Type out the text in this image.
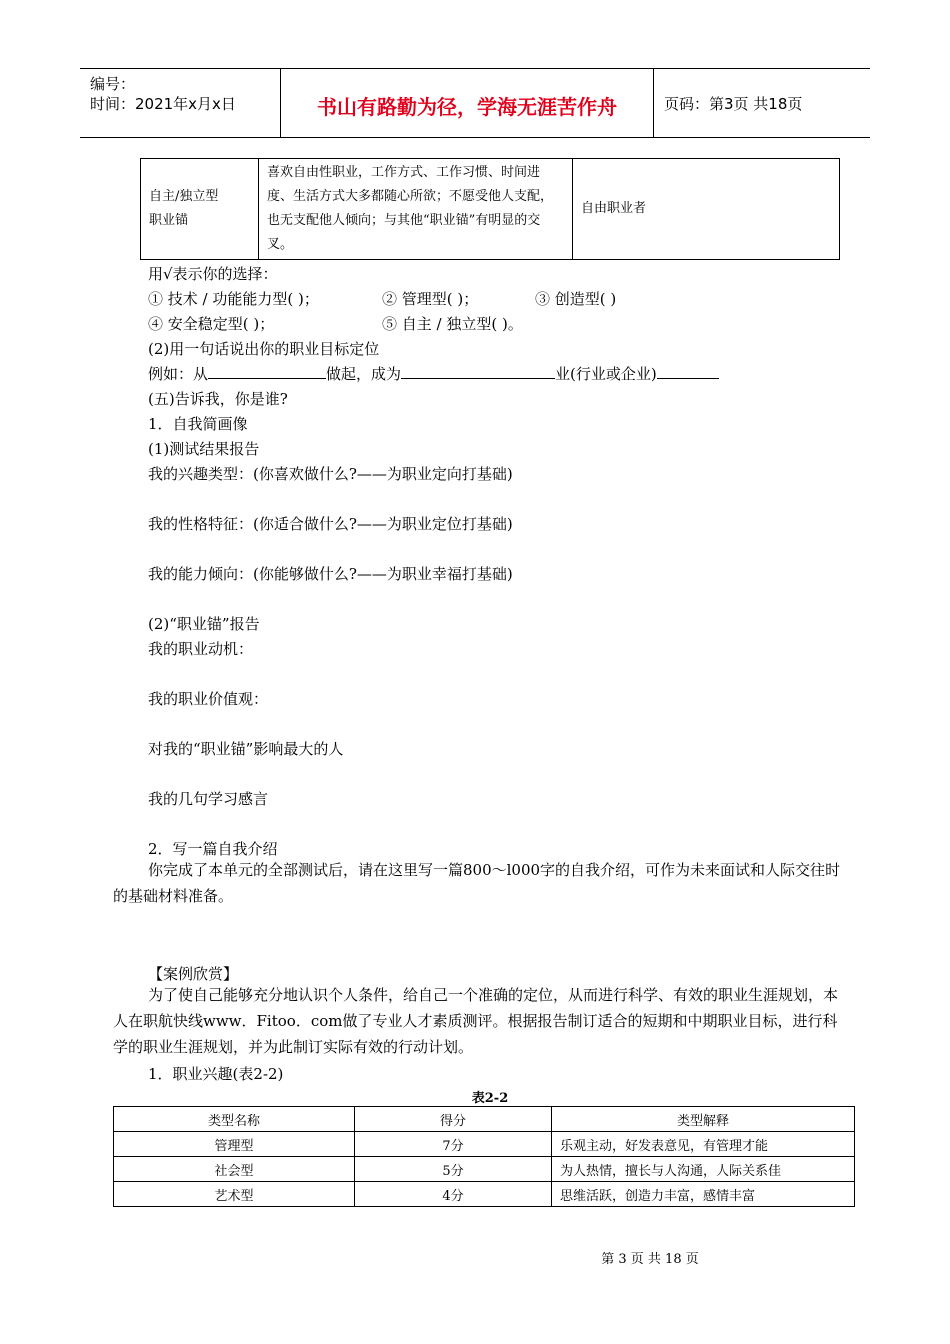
编号：
时间：2021年x月x日	书山有路勤为径，学海无涯苦作舟	页码：第3页 共18页
自主/独立型
职业锚	喜欢自由性职业，工作方式、工作习惯、时间进度、生活方式大多都随心所欲；不愿受他人支配，也无支配他人倾向；与其他“职业锚”有明显的交叉。	自由职业者
用√表示你的选择：
① 技术 / 功能能力型( )；	② 管理型( )；	③ 创造型( )
④ 安全稳定型( )；	⑤ 自主 / 独立型( )。
(2)用一句话说出你的职业目标定位
例如：从	做起，成为	业(行业或企业)
(五)告诉我，你是谁?
1．自我简画像
(1)测试结果报告
我的兴趣类型：(你喜欢做什么?——为职业定向打基础)
我的性格特征：(你适合做什么?——为职业定位打基础)
我的能力倾向：(你能够做什么?——为职业幸福打基础)
(2)“职业锚”报告
我的职业动机：
我的职业价值观：
对我的“职业锚”影响最大的人
我的几句学习感言
2．写一篇自我介绍
你完成了本单元的全部测试后，请在这里写一篇800～l000字的自我介绍，可作为未来面试和人际交往时的基础材料准备。
【案例欣赏】
为了使自己能够充分地认识个人条件，给自己一个准确的定位，从而进行科学、有效的职业生涯规划，本人在职航快线www．Fitoo．com做了专业人才素质测评。根据报告制订适合的短期和中期职业目标，进行科学的职业生涯规划，并为此制订实际有效的行动计划。
1．职业兴趣(表2-2)
表2-2
类型名称	得分	类型解释
管理型	7分	乐观主动，好发表意见，有管理才能
社会型	5分	为人热情，擅长与人沟通，人际关系佳
艺术型	4分	思维活跃，创造力丰富，感情丰富
第 3 页 共 18 页
